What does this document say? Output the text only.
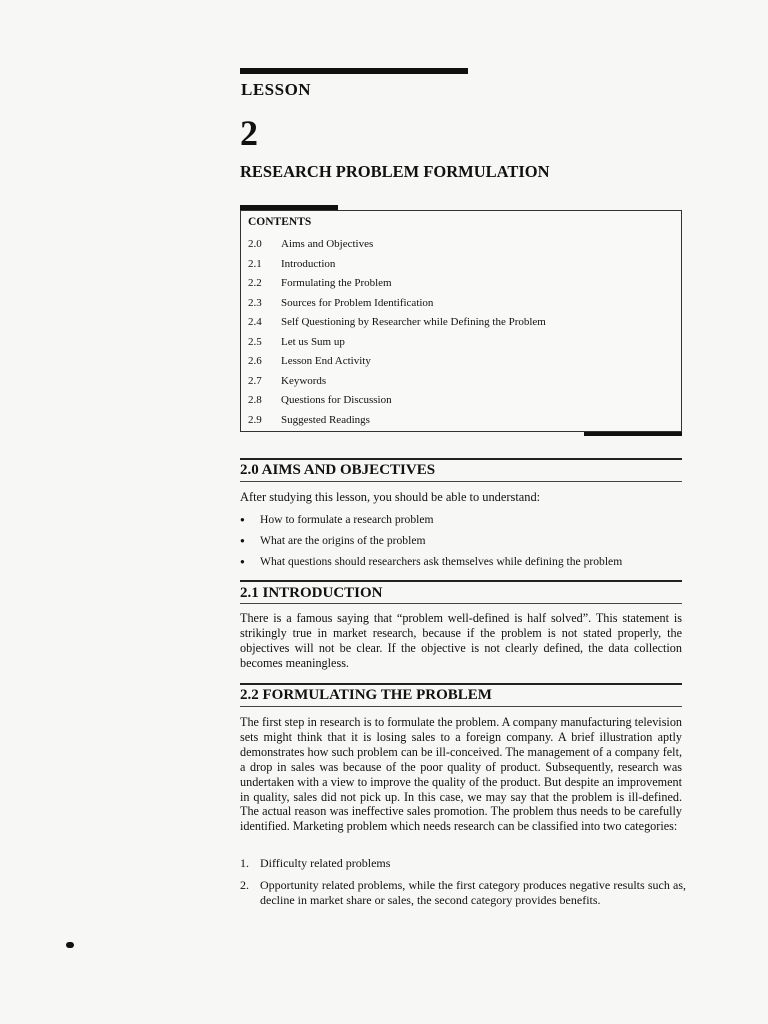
LESSON
2
RESEARCH PROBLEM FORMULATION
CONTENTS
2.0	Aims and Objectives
2.1	Introduction
2.2	Formulating the Problem
2.3	Sources for Problem Identification
2.4	Self Questioning by Researcher while Defining the Problem
2.5	Let us Sum up
2.6	Lesson End Activity
2.7	Keywords
2.8	Questions for Discussion
2.9	Suggested Readings
2.0 AIMS AND OBJECTIVES
After studying this lesson, you should be able to understand:
● How to formulate a research problem
● What are the origins of the problem
● What questions should researchers ask themselves while defining the problem
2.1 INTRODUCTION
There is a famous saying that “problem well-defined is half solved”. This statement is strikingly true in market research, because if the problem is not stated properly, the objectives will not be clear. If the objective is not clearly defined, the data collection becomes meaningless.
2.2 FORMULATING THE PROBLEM
The first step in research is to formulate the problem. A company manufacturing television sets might think that it is losing sales to a foreign company. A brief illustration aptly demonstrates how such problem can be ill-conceived. The management of a company felt, a drop in sales was because of the poor quality of product. Subsequently, research was undertaken with a view to improve the quality of the product. But despite an improvement in quality, sales did not pick up. In this case, we may say that the problem is ill-defined. The actual reason was ineffective sales promotion. The problem thus needs to be carefully identified. Marketing problem which needs research can be classified into two categories:
1. Difficulty related problems
2. Opportunity related problems, while the first category produces negative results such as, decline in market share or sales, the second category provides benefits.
